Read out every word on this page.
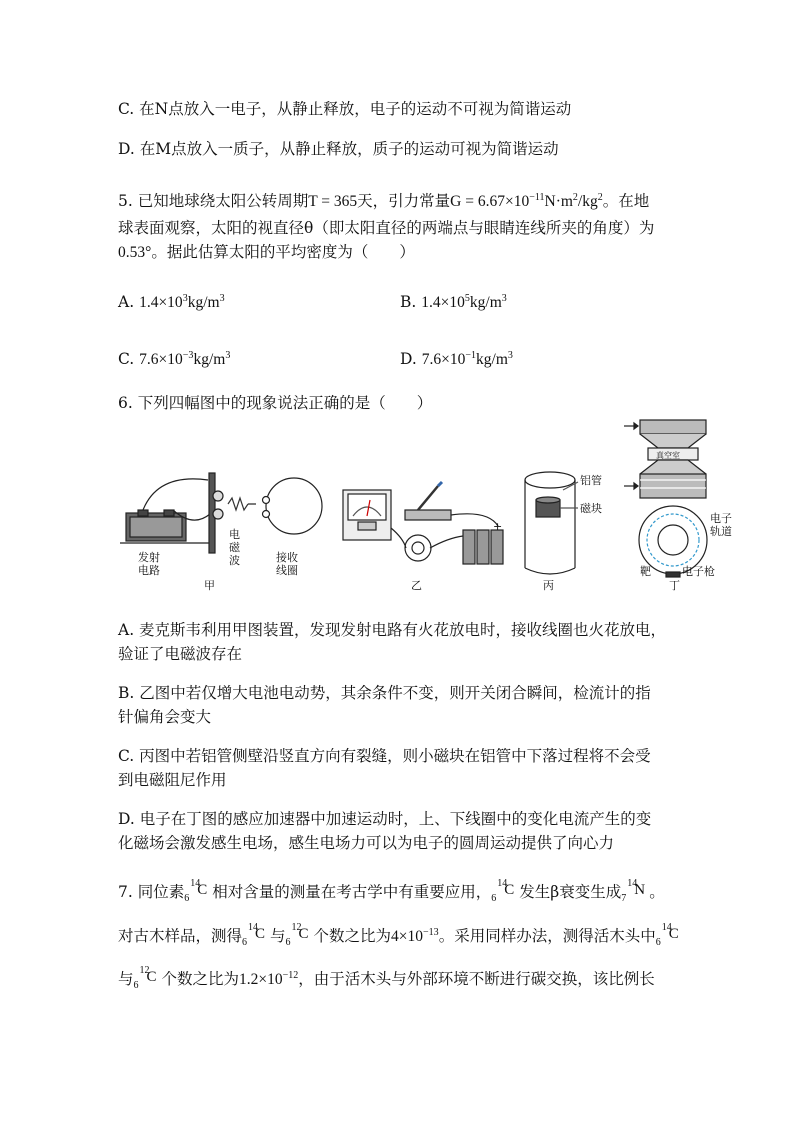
C. 在N点放入一电子，从静止释放，电子的运动不可视为简谐运动
D. 在M点放入一质子，从静止释放，质子的运动可视为简谐运动
5. 已知地球绕太阳公转周期T = 365天，引力常量$G = 6.67\times 10^{-11}N\cdot m^2/kg^2$。在地
球表面观察，太阳的视直径θ（即太阳直径的两端点与眼睛连线所夹的角度）为
0.53°。据此估算太阳的平均密度为（　　）
A. $1.4\times 10^3kg/m^3$	B. $1.4\times 10^5kg/m^3$
C. $7.6\times 10^{-3}kg/m^3$	D. $7.6\times 10^{-1}kg/m^3$
6. 下列四幅图中的现象说法正确的是（　　）
发射
电路
电
磁
波	接收
线圈
甲	乙
+
铝管
磁块
丙
真空室
电子
轨道
靶	电子枪
丁
A. 麦克斯韦利用甲图装置，发现发射电路有火花放电时，接收线圈也火花放电，
验证了电磁波存在
B. 乙图中若仅增大电池电动势，其余条件不变，则开关闭合瞬间，检流计的指
针偏角会变大
C. 丙图中若铝管侧壁沿竖直方向有裂缝，则小磁块在铝管中下落过程将不会受
到电磁阻尼作用
D. 电子在丁图的感应加速器中加速运动时，上、下线圈中的变化电流产生的变
化磁场会激发感生电场，感生电场力可以为电子的圆周运动提供了向心力
7. 同位素 14
6
C 相对含量的测量在考古学中有重要应用， 14
6
C 发生β衰变生成 14
7
N 。
对古木样品，测得 14
6
C 与 12
6
C 个数之比为$4\times 10^{-13}$。采用同样办法，测得活木头中 14
6
C
与 12
6
C 个数之比为$1.2\times 10^{-12}$，由于活木头与外部环境不断进行碳交换，该比例长
